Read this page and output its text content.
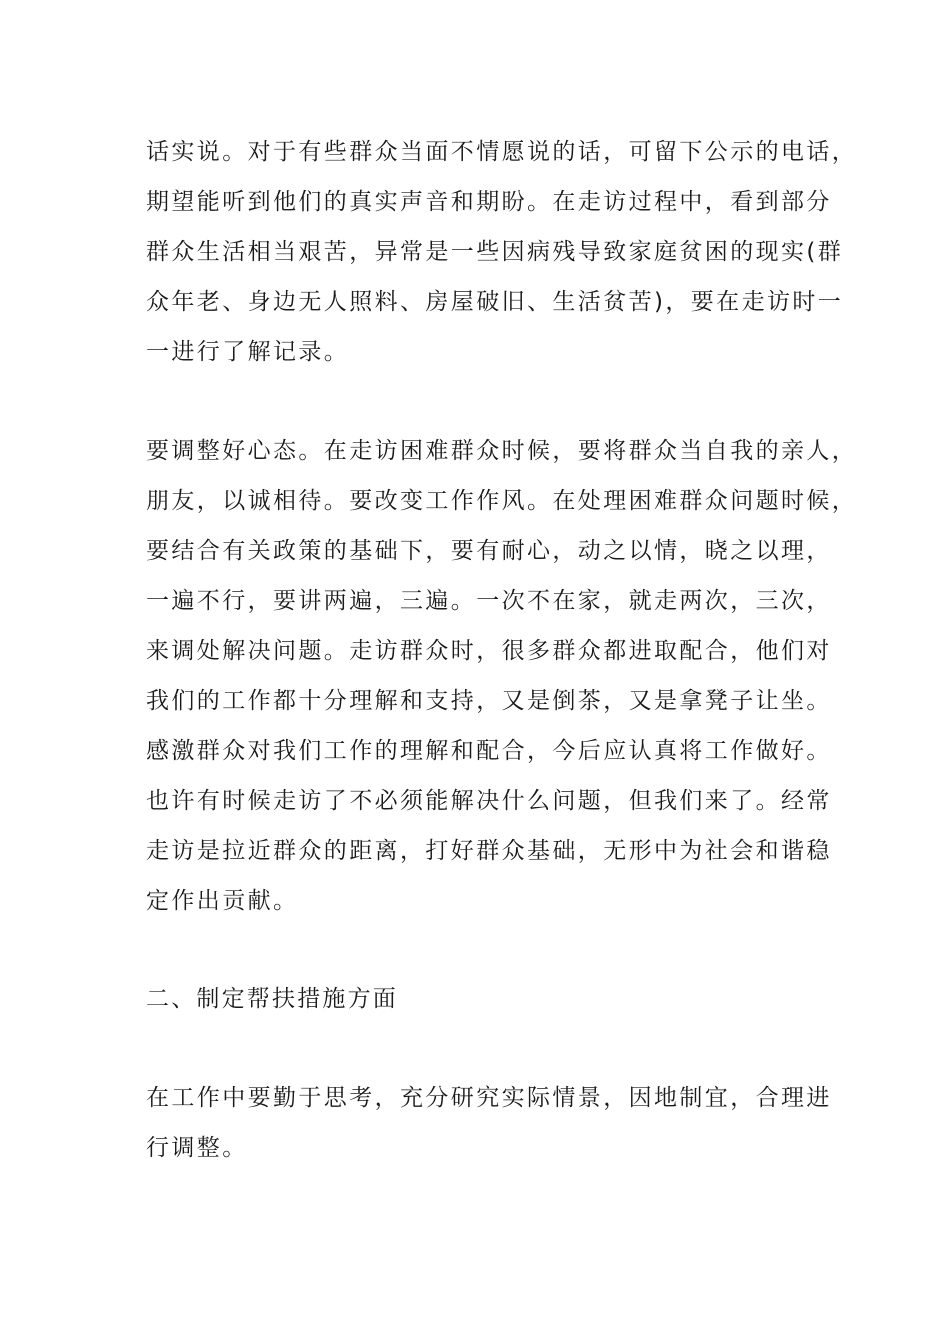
话实说。对于有些群众当面不情愿说的话，可留下公示的电话，
期望能听到他们的真实声音和期盼。在走访过程中，看到部分
群众生活相当艰苦，异常是一些因病残导致家庭贫困的现实(群
众年老、身边无人照料、房屋破旧、生活贫苦)，要在走访时一
一进行了解记录。
要调整好心态。在走访困难群众时候，要将群众当自我的亲人，
朋友，以诚相待。要改变工作作风。在处理困难群众问题时候，
要结合有关政策的基础下，要有耐心，动之以情，晓之以理，
一遍不行，要讲两遍，三遍。一次不在家，就走两次，三次，
来调处解决问题。走访群众时，很多群众都进取配合，他们对
我们的工作都十分理解和支持，又是倒茶，又是拿凳子让坐。
感激群众对我们工作的理解和配合，今后应认真将工作做好。
也许有时候走访了不必须能解决什么问题，但我们来了。经常
走访是拉近群众的距离，打好群众基础，无形中为社会和谐稳
定作出贡献。
二、制定帮扶措施方面
在工作中要勤于思考，充分研究实际情景，因地制宜，合理进
行调整。
